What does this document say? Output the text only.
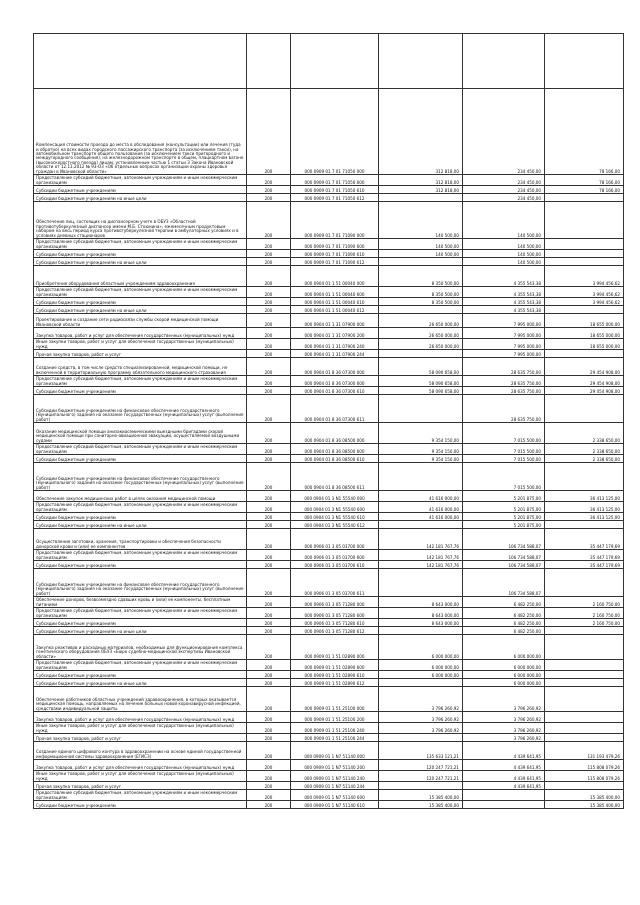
Компенсация стоимости проезда до места в обследования (консультации) или лечения (туда и обратно) на всех видах городского пассажирского транспорта (за исключением такси), на автомобильном транспорте общего пользования (за исключением такси пригородного и междугородного сообщения), на железнодорожном транспорте в общем, плацкартном вагоне (высокоскоростного поезда) лицам, установленным частью 1 статьи 3 Закона Ивановской области от 12.11.2012 № 93-ОЗ «Об отдельных вопросах организации охраны здоровья граждан в Ивановской области»	200	000 0909 01 7 01 71050 000	312 818,00	234 450,00	78 166,00
Предоставление субсидий бюджетным, автономным учреждениям и иным некоммерческим организациям	200	000 0909 01 7 01 71050 600	312 818,00	234 450,00	78 166,00
Субсидии бюджетным учреждениям	200	000 0909 01 7 01 71050 610	312 818,00	234 450,00	78 166,00
Субсидии бюджетным учреждениям на иные цели	200	000 0909 01 7 01 71050 612		234 450,00	
Обеспечение лиц, состоящих на диспансерном учете в ОБУЗ «Областной противотуберкулезный диспансер имени М.Б. Стоюнина», ежемесячным продуктовым набором на весь период курса противотуберкулезной терапии в амбулаторных условиях и в условиях дневных стационаров	200	000 0909 01 7 01 71090 000	140 500,00	140 500,00	
Предоставление субсидий бюджетным, автономным учреждениям и иным некоммерческим организациям	200	000 0909 01 7 01 71090 600	140 500,00	140 500,00	
Субсидии бюджетным учреждениям	200	000 0909 01 7 01 71090 610	140 500,00	140 500,00	
Субсидии бюджетным учреждениям на иные цели	200	000 0909 01 7 01 71090 612		140 500,00	
Приобретение оборудования областным учреждениям здравоохранения	200	000 0904 01 1 51 00040 000	8 350 500,00	4 355 543,38	3 994 456,62
Предоставление субсидий бюджетным, автономным учреждениям и иным некоммерческим организациям	200	000 0904 01 1 51 00040 600	8 350 500,00	4 355 543,38	3 994 456,62
Субсидии бюджетным учреждениям	200	000 0904 01 1 51 00040 610	8 350 500,00	4 355 543,38	3 994 456,62
Субсидии бюджетным учреждениям на иные цели	200	000 0904 01 1 51 00040 612		4 355 543,38	
Проектирование и создание сети радиосвязи службы скорой медицинской помощи Ивановской области	200	000 0904 01 1 31 07900 000	26 650 000,00	7 995 000,00	18 655 000,00
Закупка товаров, работ и услуг для обеспечения государственных (муниципальных) нужд	200	000 0904 01 1 31 07900 200	26 650 000,00	7 995 000,00	18 655 000,00
Иные закупки товаров, работ и услуг для обеспечения государственных (муниципальных) нужд	200	000 0904 01 1 31 07900 240	26 650 000,00	7 995 000,00	18 655 000,00
Прочая закупка товаров, работ и услуг	200	000 0904 01 1 31 07900 244		7 995 000,00	
Создание средств, в том числе средств специализированной, медицинской помощи, не включенной в территориальную программу обязательного медицинского страхования	200	000 0904 01 8 36 07300 000	58 090 658,00	28 635 750,00	29 454 908,00
Предоставление субсидий бюджетным, автономным учреждениям и иным некоммерческим организациям	200	000 0904 01 8 36 07300 600	58 090 658,00	28 635 750,00	29 454 908,00
Субсидии бюджетным учреждениям	200	000 0904 01 8 36 07300 610	58 090 658,00	28 635 750,00	29 454 908,00
Субсидии бюджетным учреждениям на финансовое обеспечение государственного (муниципального) задания на оказание государственных (муниципальных) услуг (выполнение работ)	200	000 0904 01 8 36 07300 611		28 635 750,00	
Оказание медицинской помощи анизакиасемическими выездными бригадами скорой медицинской помощи при санитарно-авиационной эвакуации, осуществляемой воздушными судами	200	000 0904 01 8 36 08500 000	9 354 150,00	7 015 500,00	2 338 650,00
Предоставление субсидий бюджетным, автономным учреждениям и иным некоммерческим организациям	200	000 0904 01 8 36 08500 600	9 354 150,00	7 015 500,00	2 338 650,00
Субсидии бюджетным учреждениям	200	000 0904 01 8 36 08500 610	9 354 150,00	7 015 500,00	2 338 650,00
Субсидии бюджетным учреждениям на финансовое обеспечение государственного (муниципального) задания на оказание государственных (муниципальных) услуг (выполнение работ)	200	000 0904 01 8 36 08500 611		7 015 500,00	
Обеспечение закупок медицинских работ в целях оказания медицинской помощи	200	000 0904 01 3 N1 55540 000	41 616 000,00	5 201 875,00	36 413 125,00
Предоставление субсидий бюджетным, автономным учреждениям и иным некоммерческим организациям	200	000 0904 01 3 N1 55540 600	41 616 000,00	5 201 875,00	36 413 125,00
Субсидии бюджетным учреждениям	200	000 0904 01 3 N1 55540 610	41 616 000,00	5 201 875,00	36 413 125,00
Субсидии бюджетным учреждениям на иные цели	200	000 0904 01 3 N1 55540 612		5 201 875,00	
Осуществление заготовки, хранения, транспортировки и обеспечения безопасности донорской крови и (или) ее компонентов	200	000 0906 01 3 05 03700 000	142 181 767,76	106 734 588,07	35 447 179,69
Предоставление субсидий бюджетным, автономным учреждениям и иным некоммерческим организациям	200	000 0906 01 3 05 03700 600	142 181 767,76	106 734 588,07	35 447 179,69
Субсидии бюджетным учреждениям	200	000 0906 01 3 05 03700 610	142 181 767,76	106 734 588,07	35 447 179,69
Субсидии бюджетным учреждениям на финансовое обеспечение государственного (муниципального) задания на оказание государственных (муниципальных) услуг (выполнение работ)	200	000 0906 01 3 05 03700 611		106 734 588,07	
Обеспечение доноров, безвозмездно сдавших кровь и (или) ее компоненты, бесплатным питанием	200	000 0906 01 3 05 71280 000	8 643 000,00	6 482 250,00	2 160 750,00
Предоставление субсидий бюджетным, автономным учреждениям и иным некоммерческим организациям	200	000 0906 01 3 05 71280 600	8 643 000,00	6 482 250,00	2 160 750,00
Субсидии бюджетным учреждениям	200	000 0906 01 3 05 71280 610	8 643 000,00	6 482 250,00	2 160 750,00
Субсидии бюджетным учреждениям на иные цели	200	000 0906 01 3 05 71280 612		6 482 250,00	
Закупка реактивов и расходных материалов, необходимых для функционирования комплекса генетического оборудования ОБУЗ «Бюро судебно-медицинской экспертизы Ивановской области»	200	000 0909 01 1 51 02890 000	6 000 000,00	6 000 000,00	
Предоставление субсидий бюджетным, автономным учреждениям и иным некоммерческим организациям	200	000 0909 01 1 51 02890 600	6 000 000,00	6 000 000,00	
Субсидии бюджетным учреждениям	200	000 0909 01 1 51 02890 610	6 000 000,00	6 000 000,00	
Субсидии бюджетным учреждениям на иные цели	200	000 0909 01 1 51 02890 612		6 000 000,00	
Обеспечение работников областных учреждений здравоохранения, в которых оказывается медицинская помощь, направляемых на лечение больных новой коронавирусной инфекцией, средствами индивидуальной защиты	200	000 0909 01 1 51 25100 000	3 796 260,92	3 796 260,92	
Закупка товаров, работ и услуг для обеспечения государственных (муниципальных) нужд	200	000 0909 01 1 51 25100 200	3 796 260,92	3 796 260,92	
Иные закупки товаров, работ и услуг для обеспечения государственных (муниципальных) нужд	200	000 0909 01 1 51 25100 240	3 796 260,92	3 796 260,92	
Прочая закупка товаров, работ и услуг	200	000 0909 01 1 51 25100 244		3 796 260,92	
Создание единого цифрового контура в здравоохранении на основе единой государственной информационной системы здравоохранения (ЕГИСЗ)	200	000 0909 01 1 N7 51140 000	135 633 121,21	4 439 641,95	131 193 479,26
Закупка товаров, работ и услуг для обеспечения государственных (муниципальных) нужд	200	000 0909 01 1 N7 51140 200	120 247 721,21	4 439 641,95	115 808 079,26
Иные закупки товаров, работ и услуг для обеспечения государственных (муниципальных) нужд	200	000 0909 01 1 N7 51140 240	120 247 721,21	4 439 641,95	115 808 079,26
Прочая закупка товаров, работ и услуг	200	000 0909 01 1 N7 51140 244		4 439 641,95	
Предоставление субсидий бюджетным, автономным учреждениям и иным некоммерческим организациям	200	000 0909 01 1 N7 51140 600	15 385 400,00		15 385 400,00
Субсидии бюджетным учреждениям	200	000 0909 01 1 N7 51140 610	15 385 400,00		15 385 400,00
